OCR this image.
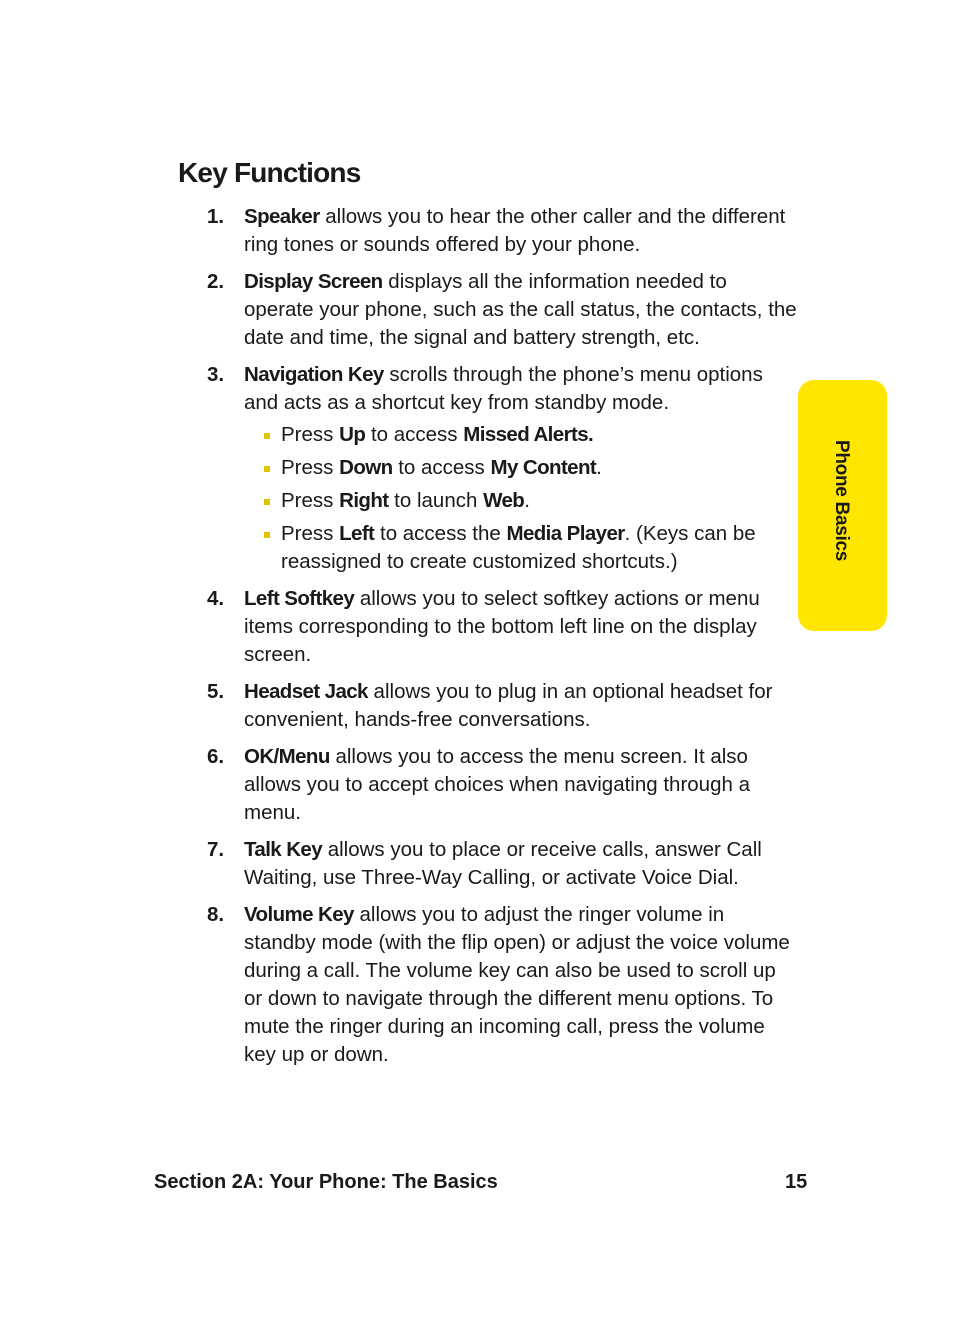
Key Functions
1. Speaker allows you to hear the other caller and the different ring tones or sounds offered by your phone.
2. Display Screen displays all the information needed to operate your phone, such as the call status, the contacts, the date and time, the signal and battery strength, etc.
3. Navigation Key scrolls through the phone’s menu options and acts as a shortcut key from standby mode.
Press Up to access Missed Alerts.
Press Down to access My Content.
Press Right to launch Web.
Press Left to access the Media Player. (Keys can be reassigned to create customized shortcuts.)
4. Left Softkey allows you to select softkey actions or menu items corresponding to the bottom left line on the display screen.
5. Headset Jack allows you to plug in an optional headset for convenient, hands-free conversations.
6. OK/Menu allows you to access the menu screen. It also allows you to accept choices when navigating through a menu.
7. Talk Key allows you to place or receive calls, answer Call Waiting, use Three-Way Calling, or activate Voice Dial.
8. Volume Key allows you to adjust the ringer volume in standby mode (with the flip open) or adjust the voice volume during a call. The volume key can also be used to scroll up or down to navigate through the different menu options. To mute the ringer during an incoming call, press the volume key up or down.
Phone Basics
Section 2A: Your Phone: The Basics	15
